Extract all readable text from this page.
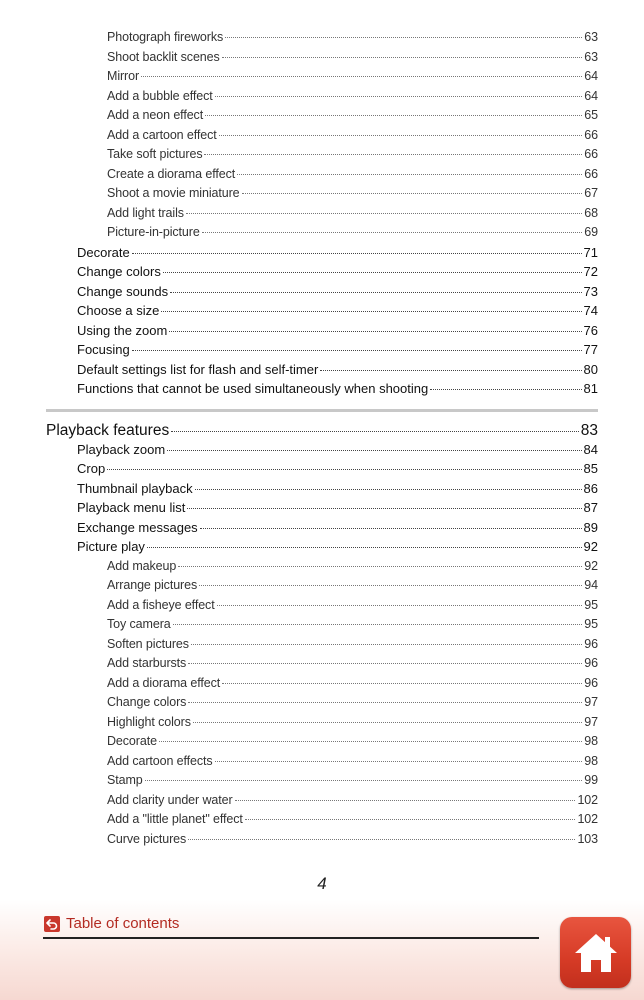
Photograph fireworks	63
Shoot backlit scenes	63
Mirror	64
Add a bubble effect	64
Add a neon effect	65
Add a cartoon effect	66
Take soft pictures	66
Create a diorama effect	66
Shoot a movie miniature	67
Add light trails	68
Picture-in-picture	69
Decorate	71
Change colors	72
Change sounds	73
Choose a size	74
Using the zoom	76
Focusing	77
Default settings list for flash and self-timer	80
Functions that cannot be used simultaneously when shooting	81
Playback features	83
Playback zoom	84
Crop	85
Thumbnail playback	86
Playback menu list	87
Exchange messages	89
Picture play	92
Add makeup	92
Arrange pictures	94
Add a fisheye effect	95
Toy camera	95
Soften pictures	96
Add starbursts	96
Add a diorama effect	96
Change colors	97
Highlight colors	97
Decorate	98
Add cartoon effects	98
Stamp	99
Add clarity under water	102
Add a "little planet" effect	102
Curve pictures	103
4
Table of contents
